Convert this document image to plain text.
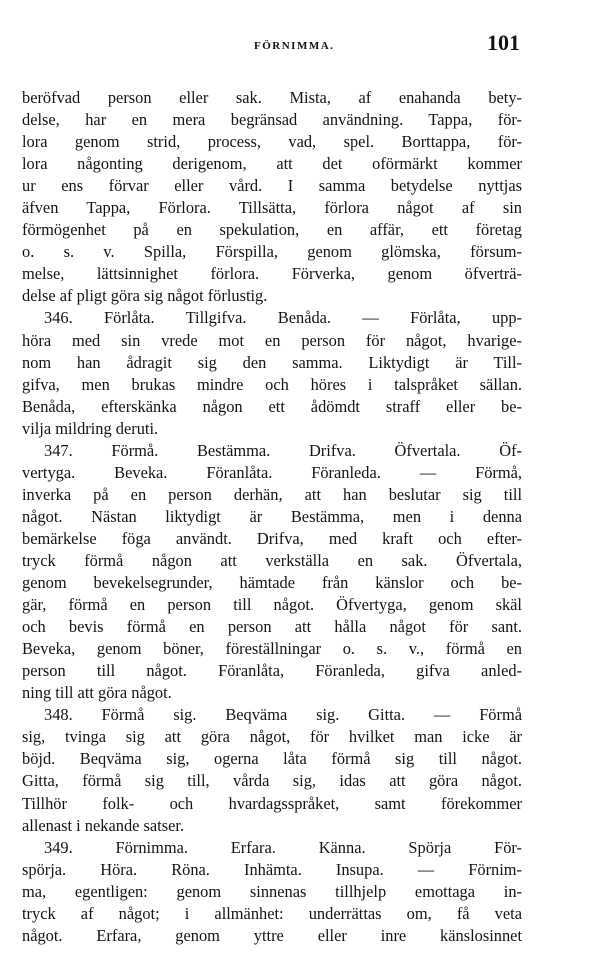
FÖRNIMMA.	101
beröfvad person eller sak. Mista, af enahanda bety-
delse, har en mera begränsad användning. Tappa, för-
lora genom strid, process, vad, spel. Borttappa, för-
lora någonting derigenom, att det oförmärkt kommer
ur ens förvar eller vård. I samma betydelse nyttjas
äfven Tappa, Förlora. Tillsätta, förlora något af sin
förmögenhet på en spekulation, en affär, ett företag
o. s. v. Spilla, Förspilla, genom glömska, försum-
melse, lättsinnighet förlora. Förverka, genom öfverträ-
delse af pligt göra sig något förlustig.
346. Förlåta. Tillgifva. Benåda. — Förlåta, upp-
höra med sin vrede mot en person för något, hvarige-
nom han ådragit sig den samma. Liktydigt är Till-
gifva, men brukas mindre och höres i talspråket sällan.
Benåda, efterskänka någon ett ådömdt straff eller be-
vilja mildring deruti.
347. Förmå. Bestämma. Drifva. Öfvertala. Öf-
vertyga. Beveka. Föranlåta. Föranleda. — Förmå,
inverka på en person derhän, att han beslutar sig till
något. Nästan liktydigt är Bestämma, men i denna
bemärkelse föga användt. Drifva, med kraft och efter-
tryck förmå någon att verkställa en sak. Öfvertala,
genom bevekelsegrunder, hämtade från känslor och be-
gär, förmå en person till något. Öfvertyga, genom skäl
och bevis förmå en person att hålla något för sant.
Beveka, genom böner, föreställningar o. s. v., förmå en
person till något. Föranlåta, Föranleda, gifva anled-
ning till att göra något.
348. Förmå sig. Beqväma sig. Gitta. — Förmå
sig, tvinga sig att göra något, för hvilket man icke är
böjd. Beqväma sig, ogerna låta förmå sig till något.
Gitta, förmå sig till, vårda sig, idas att göra något.
Tillhör folk- och hvardagsspråket, samt förekommer
allenast i nekande satser.
349. Förnimma. Erfara. Känna. Spörja För-
spörja. Höra. Röna. Inhämta. Insupa. — Förnim-
ma, egentligen: genom sinnenas tillhjelp emottaga in-
tryck af något; i allmänhet: underrättas om, få veta
något. Erfara, genom yttre eller inre känslosinnet
